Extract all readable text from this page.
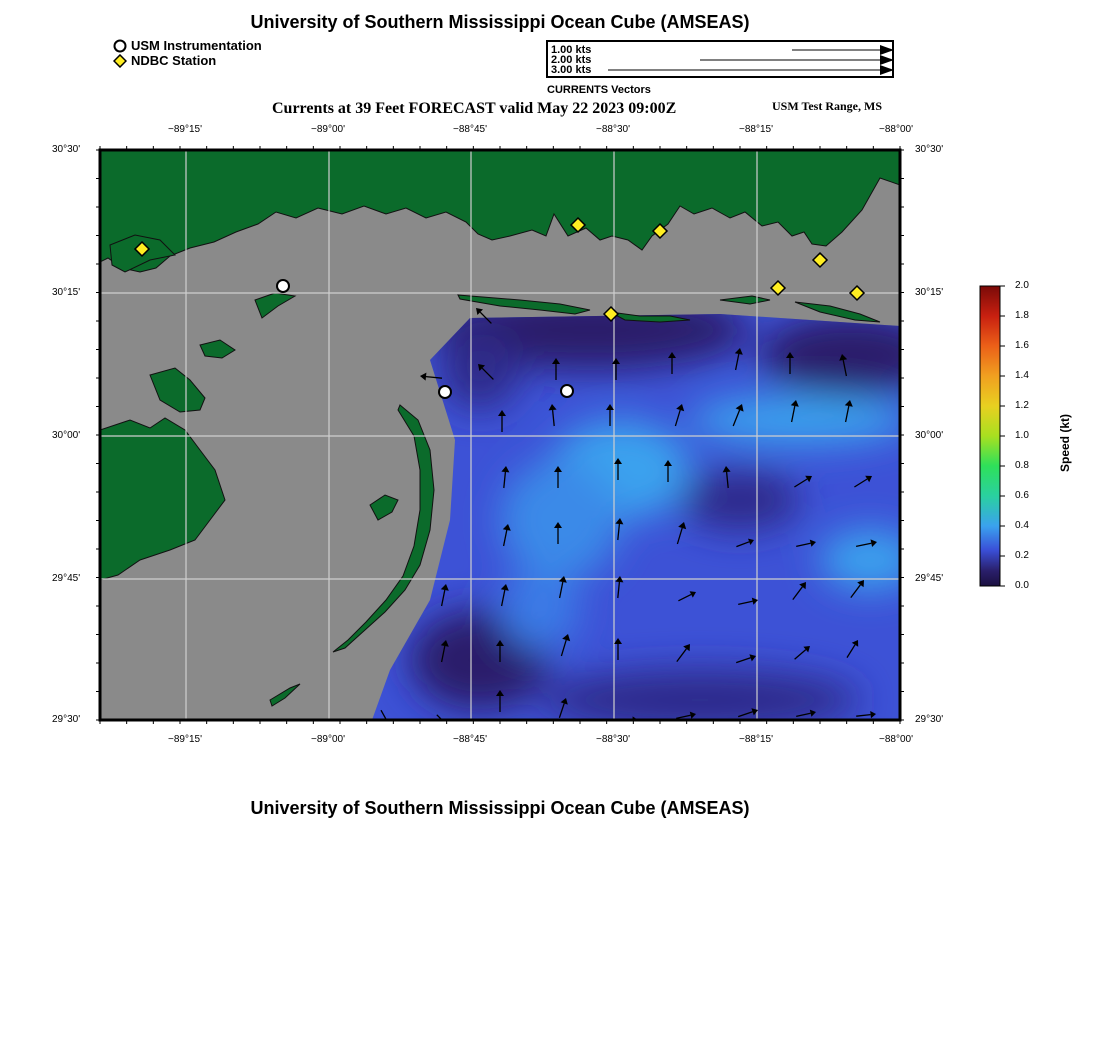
University of Southern Mississippi Ocean Cube (AMSEAS)
USM Instrumentation
NDBC Station
1.00 kts
2.00 kts
3.00 kts
CURRENTS Vectors
Currents at 39 Feet FORECAST valid May 22 2023 09:00Z	USM Test Range, MS
−89°15'	−89°00'	−88°45'	−88°30'	−88°15'	−88°00'
−89°15'	−89°00'	−88°45'	−88°30'	−88°15'	−88°00'
30°30'
30°15'
30°00'
29°45'
29°30'
30°30'
30°15'
30°00'
29°45'
29°30'
0.0
0.2
0.4
0.6
0.8
1.0
1.2
1.4
1.6
1.8
2.0
Speed (kt)
University of Southern Mississippi Ocean Cube (AMSEAS)
